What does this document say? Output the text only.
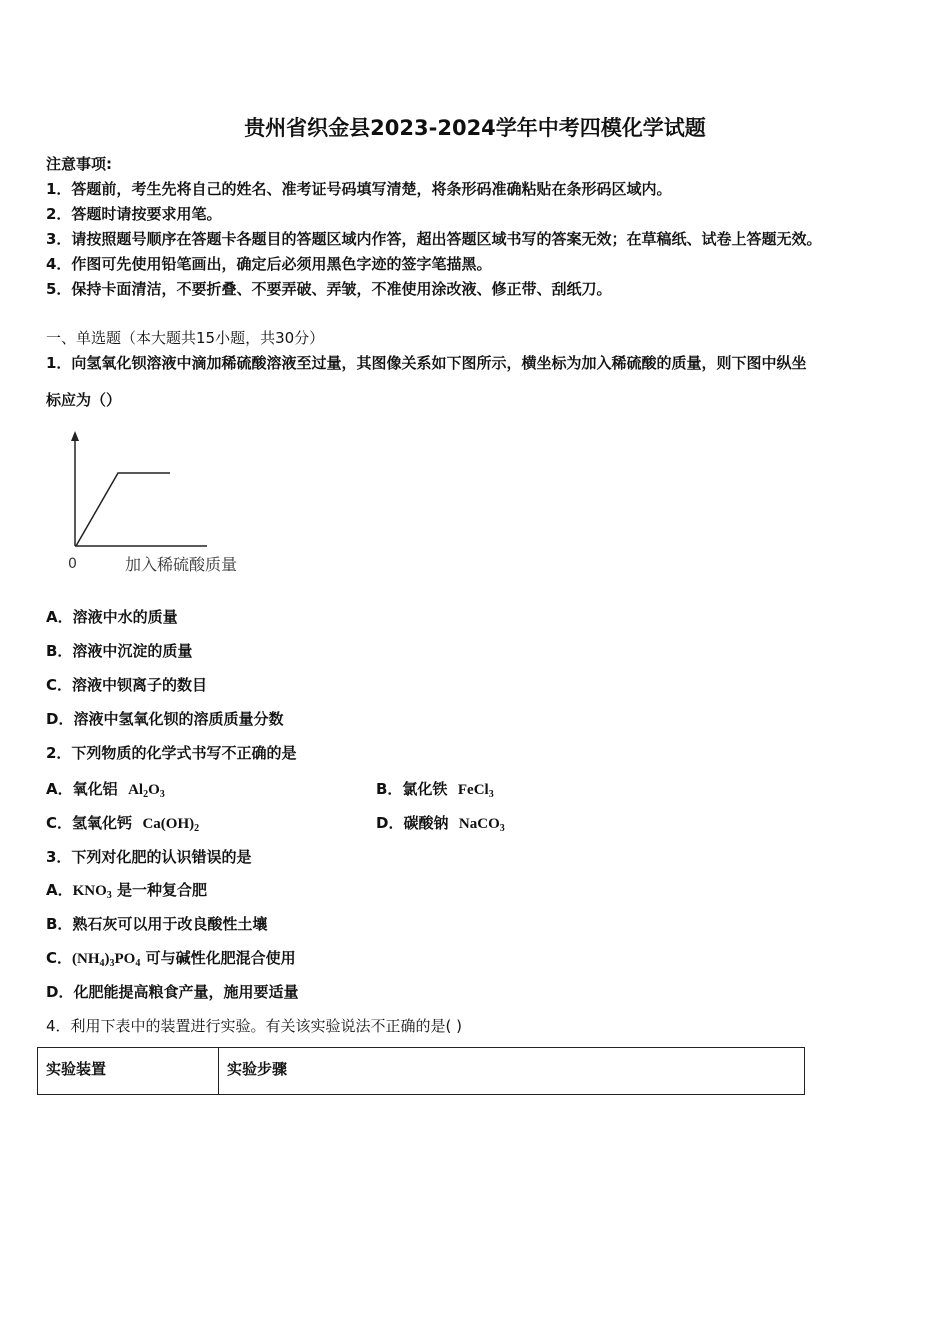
贵州省织金县2023-2024学年中考四模化学试题
注意事项:
1．答题前，考生先将自己的姓名、准考证号码填写清楚，将条形码准确粘贴在条形码区域内。
2．答题时请按要求用笔。
3．请按照题号顺序在答题卡各题目的答题区域内作答，超出答题区域书写的答案无效；在草稿纸、试卷上答题无效。
4．作图可先使用铅笔画出，确定后必须用黑色字迹的签字笔描黑。
5．保持卡面清洁，不要折叠、不要弄破、弄皱，不准使用涂改液、修正带、刮纸刀。
一、单选题（本大题共15小题，共30分）
1．向氢氧化钡溶液中滴加稀硫酸溶液至过量，其图像关系如下图所示，横坐标为加入稀硫酸的质量，则下图中纵坐
标应为（）
0	加入稀硫酸质量
A．溶液中水的质量
B．溶液中沉淀的质量
C．溶液中钡离子的数目
D．溶液中氢氧化钡的溶质质量分数
2．下列物质的化学式书写不正确的是
A．氧化铝 $Al_2O_3$	B．氯化铁 FeCl$_3$
C．氢氧化钙 $Ca(OH)_2$	D．碳酸钠 NaCO$_3$
3．下列对化肥的认识错误的是
A．$KNO_3$ 是一种复合肥
B．熟石灰可以用于改良酸性土壤
C．$(NH_4)_3PO_4$ 可与碱性化肥混合使用
D．化肥能提高粮食产量，施用要适量
4．利用下表中的装置进行实验。有关该实验说法不正确的是( )
实验装置	实验步骤
